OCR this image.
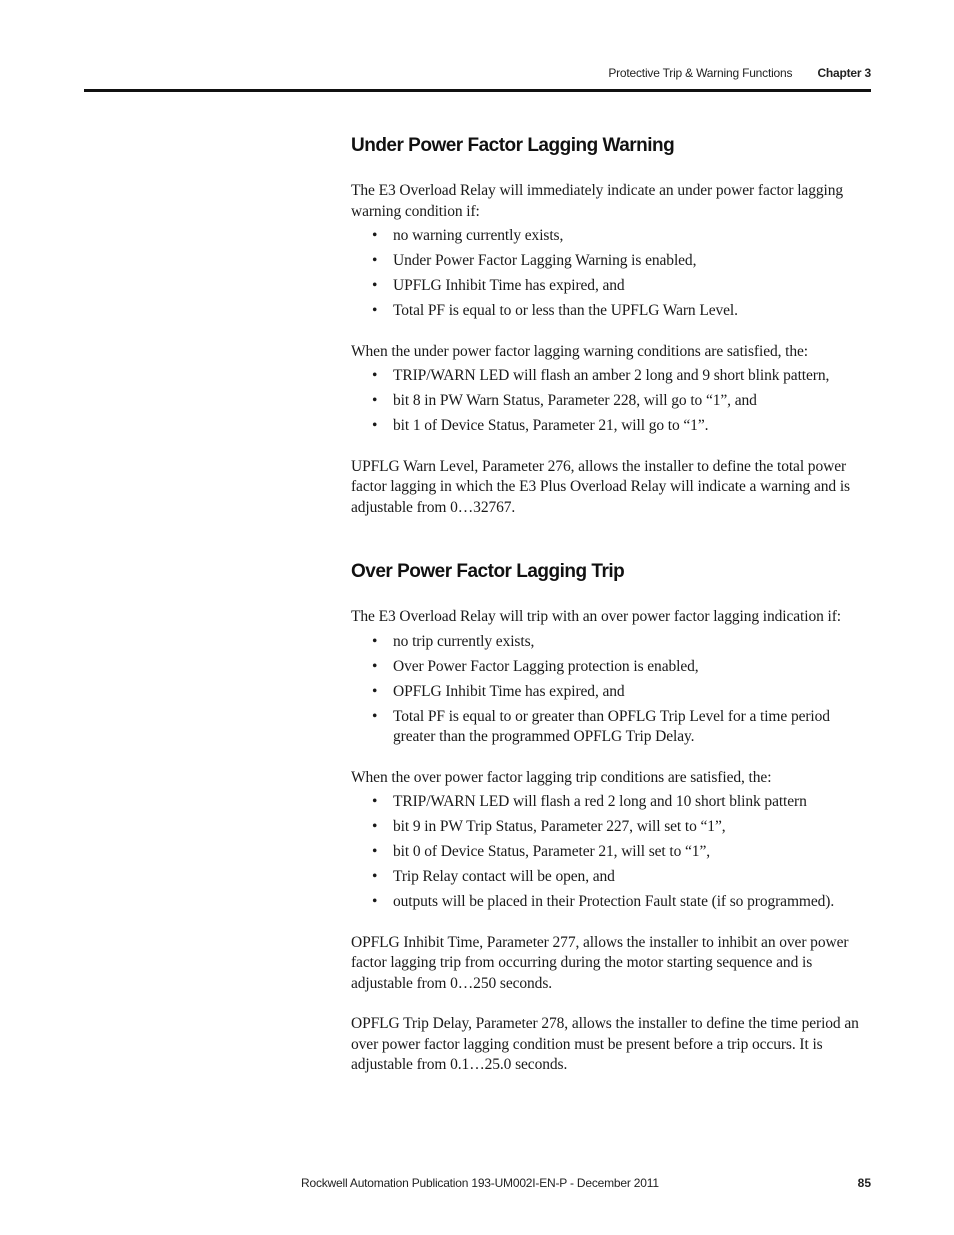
Protective Trip & Warning Functions Chapter 3
Under Power Factor Lagging Warning

The E3 Overload Relay will immediately indicate an under power factor lagging warning condition if:

• no warning currently exists,
• Under Power Factor Lagging Warning is enabled,
• UPFLG Inhibit Time has expired, and
• Total PF is equal to or less than the UPFLG Warn Level.

When the under power factor lagging warning conditions are satisfied, the:

• TRIP/WARN LED will flash an amber 2 long and 9 short blink pattern,
• bit 8 in PW Warn Status, Parameter 228, will go to “1”, and
• bit 1 of Device Status, Parameter 21, will go to “1”.

UPFLG Warn Level, Parameter 276, allows the installer to define the total power factor lagging in which the E3 Plus Overload Relay will indicate a warning and is adjustable from 0…32767.

Over Power Factor Lagging Trip

The E3 Overload Relay will trip with an over power factor lagging indication if:

• no trip currently exists,
• Over Power Factor Lagging protection is enabled,
• OPFLG Inhibit Time has expired, and
• Total PF is equal to or greater than OPFLG Trip Level for a time period greater than the programmed OPFLG Trip Delay.

When the over power factor lagging trip conditions are satisfied, the:

• TRIP/WARN LED will flash a red 2 long and 10 short blink pattern
• bit 9 in PW Trip Status, Parameter 227, will set to “1”,
• bit 0 of Device Status, Parameter 21, will set to “1”,
• Trip Relay contact will be open, and
• outputs will be placed in their Protection Fault state (if so programmed).

OPFLG Inhibit Time, Parameter 277, allows the installer to inhibit an over power factor lagging trip from occurring during the motor starting sequence and is adjustable from 0…250 seconds.

OPFLG Trip Delay, Parameter 278, allows the installer to define the time period an over power factor lagging condition must be present before a trip occurs. It is adjustable from 0.1…25.0 seconds.

Rockwell Automation Publication 193-UM002I-EN-P - December 2011	85
